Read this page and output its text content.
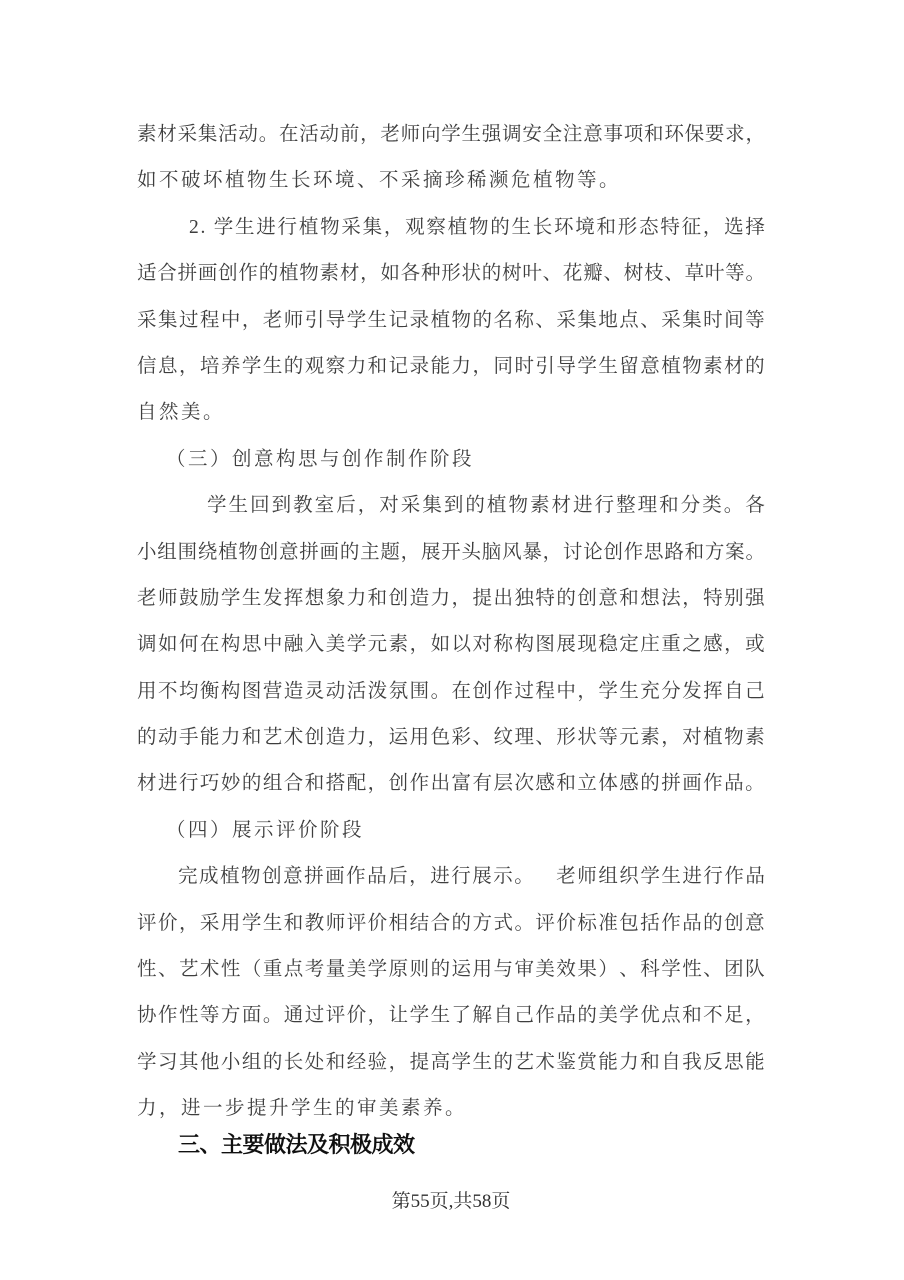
素 材 采 集 活 动 。 在 活 动 前 ， 老 师 向 学 生 强 调 安 全 注 意 事 项 和 环 保 要 求 ，
如不破坏植物生长环境、不采摘珍稀濒危植物等。
2 .
学 生 进 行 植 物 采 集 ， 观 察 植 物 的 生 长 环 境 和 形 态 特 征 ， 选 择
适 合 拼 画 创 作 的 植 物 素 材 ， 如 各 种 形 状 的 树 叶 、 花 瓣 、 树 枝 、 草 叶 等 。
采 集 过 程 中 ， 老 师 引 导 学 生 记 录 植 物 的 名 称 、 采 集 地 点 、 采 集 时 间 等
信 息 ， 培 养 学 生 的 观 察 力 和 记 录 能 力 ， 同 时 引 导 学 生 留 意 植 物 素 材 的
自然美。
（三）创意构思与创作制作阶段
学 生 回 到 教 室 后 ， 对 采 集 到 的 植 物 素 材 进 行 整 理 和 分 类 。 各
小 组 围 绕 植 物 创 意 拼 画 的 主 题 ， 展 开 头 脑 风 暴 ， 讨 论 创 作 思 路 和 方 案 。
老 师 鼓 励 学 生 发 挥 想 象 力 和 创 造 力 ， 提 出 独 特 的 创 意 和 想 法 ， 特 别 强
调 如 何 在 构 思 中 融 入 美 学 元 素 ， 如 以 对 称 构 图 展 现 稳 定 庄 重 之 感 ， 或
用 不 均 衡 构 图 营 造 灵 动 活 泼 氛 围 。 在 创 作 过 程 中 ， 学 生 充 分 发 挥 自 己
的 动 手 能 力 和 艺 术 创 造 力 ， 运 用 色 彩 、 纹 理 、 形 状 等 元 素 ， 对 植 物 素
材 进 行 巧 妙 的 组 合 和 搭 配 ， 创 作 出 富 有 层 次 感 和 立 体 感 的 拼 画 作 品 。
（四）展示评价阶段
完 成 植 物 创 意 拼 画 作 品 后 ， 进 行 展 示 。
　 老 师 组 织 学 生 进 行 作 品
评 价 ， 采 用 学 生 和 教 师 评 价 相 结 合 的 方 式 。 评 价 标 准 包 括 作 品 的 创 意
性 、 艺 术 性 （ 重 点 考 量 美 学 原 则 的 运 用 与 审 美 效 果 ） 、 科 学 性 、 团 队
协 作 性 等 方 面 。 通 过 评 价 ， 让 学 生 了 解 自 己 作 品 的 美 学 优 点 和 不 足 ，
学 习 其 他 小 组 的 长 处 和 经 验 ， 提 高 学 生 的 艺 术 鉴 赏 能 力 和 自 我 反 思 能
力，进一步提升学生的审美素养。
三、主要做法及积极成效
第55页,共58页
